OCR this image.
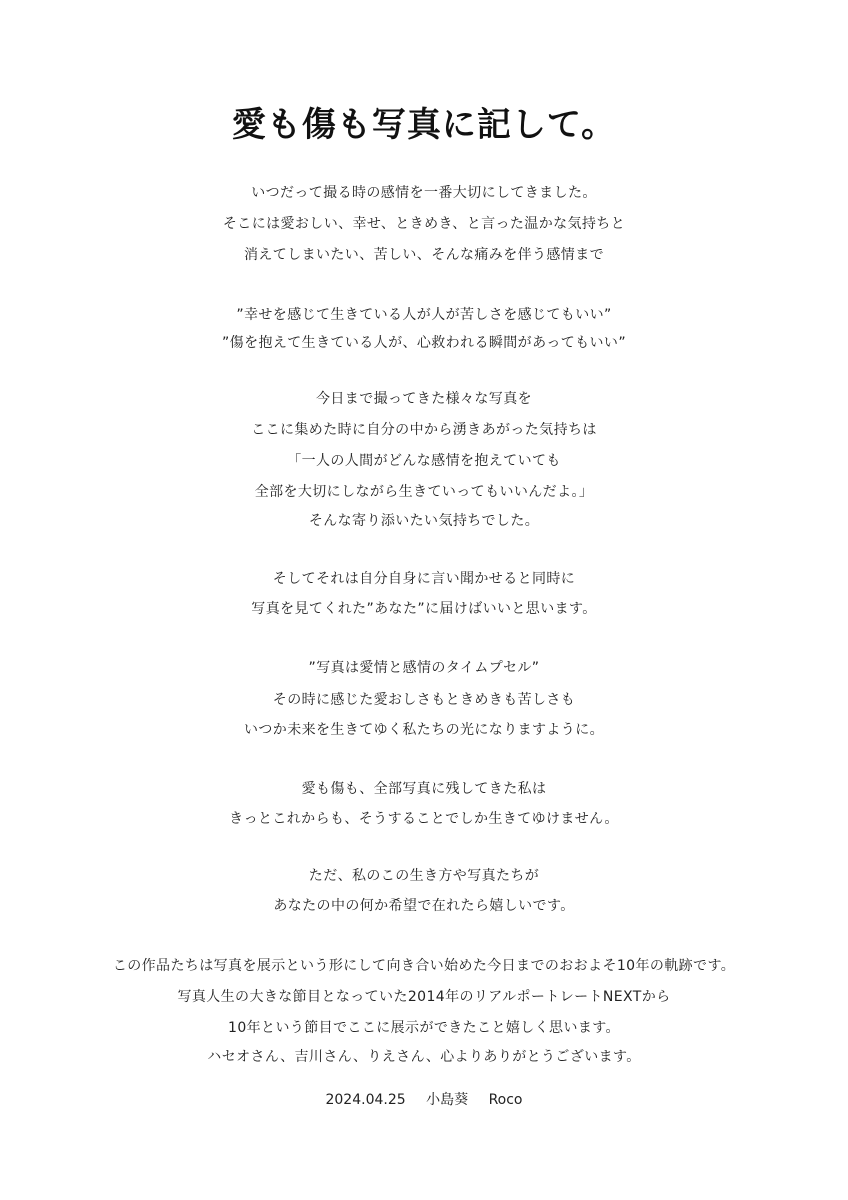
愛も傷も写真に記して。

いつだって撮る時の感情を一番大切にしてきました。

そこには愛おしい、幸せ、ときめき、と言った温かな気持ちと

消えてしまいたい、苦しい、そんな痛みを伴う感情まで

”幸せを感じて生きている人が人が苦しさを感じてもいい”

”傷を抱えて生きている人が、心救われる瞬間があってもいい”

今日まで撮ってきた様々な写真を

ここに集めた時に自分の中から湧きあがった気持ちは

「一人の人間がどんな感情を抱えていても

全部を大切にしながら生きていってもいいんだよ。」

そんな寄り添いたい気持ちでした。

そしてそれは自分自身に言い聞かせると同時に

写真を見てくれた”あなた”に届けばいいと思います。

”写真は愛情と感情のタイムプセル”

その時に感じた愛おしさもときめきも苦しさも

いつか未来を生きてゆく私たちの光になりますように。

愛も傷も、全部写真に残してきた私は

きっとこれからも、そうすることでしか生きてゆけません。

ただ、私のこの生き方や写真たちが

あなたの中の何か希望で在れたら嬉しいです。

この作品たちは写真を展示という形にして向き合い始めた今日までのおおよそ10年の軌跡です。

写真人生の大きな節目となっていた2014年のリアルポートレートNEXTから

10年という節目でここに展示ができたこと嬉しく思います。

ハセオさん、吉川さん、りえさん、心よりありがとうございます。

2024.04.25 小島葵 Roco
